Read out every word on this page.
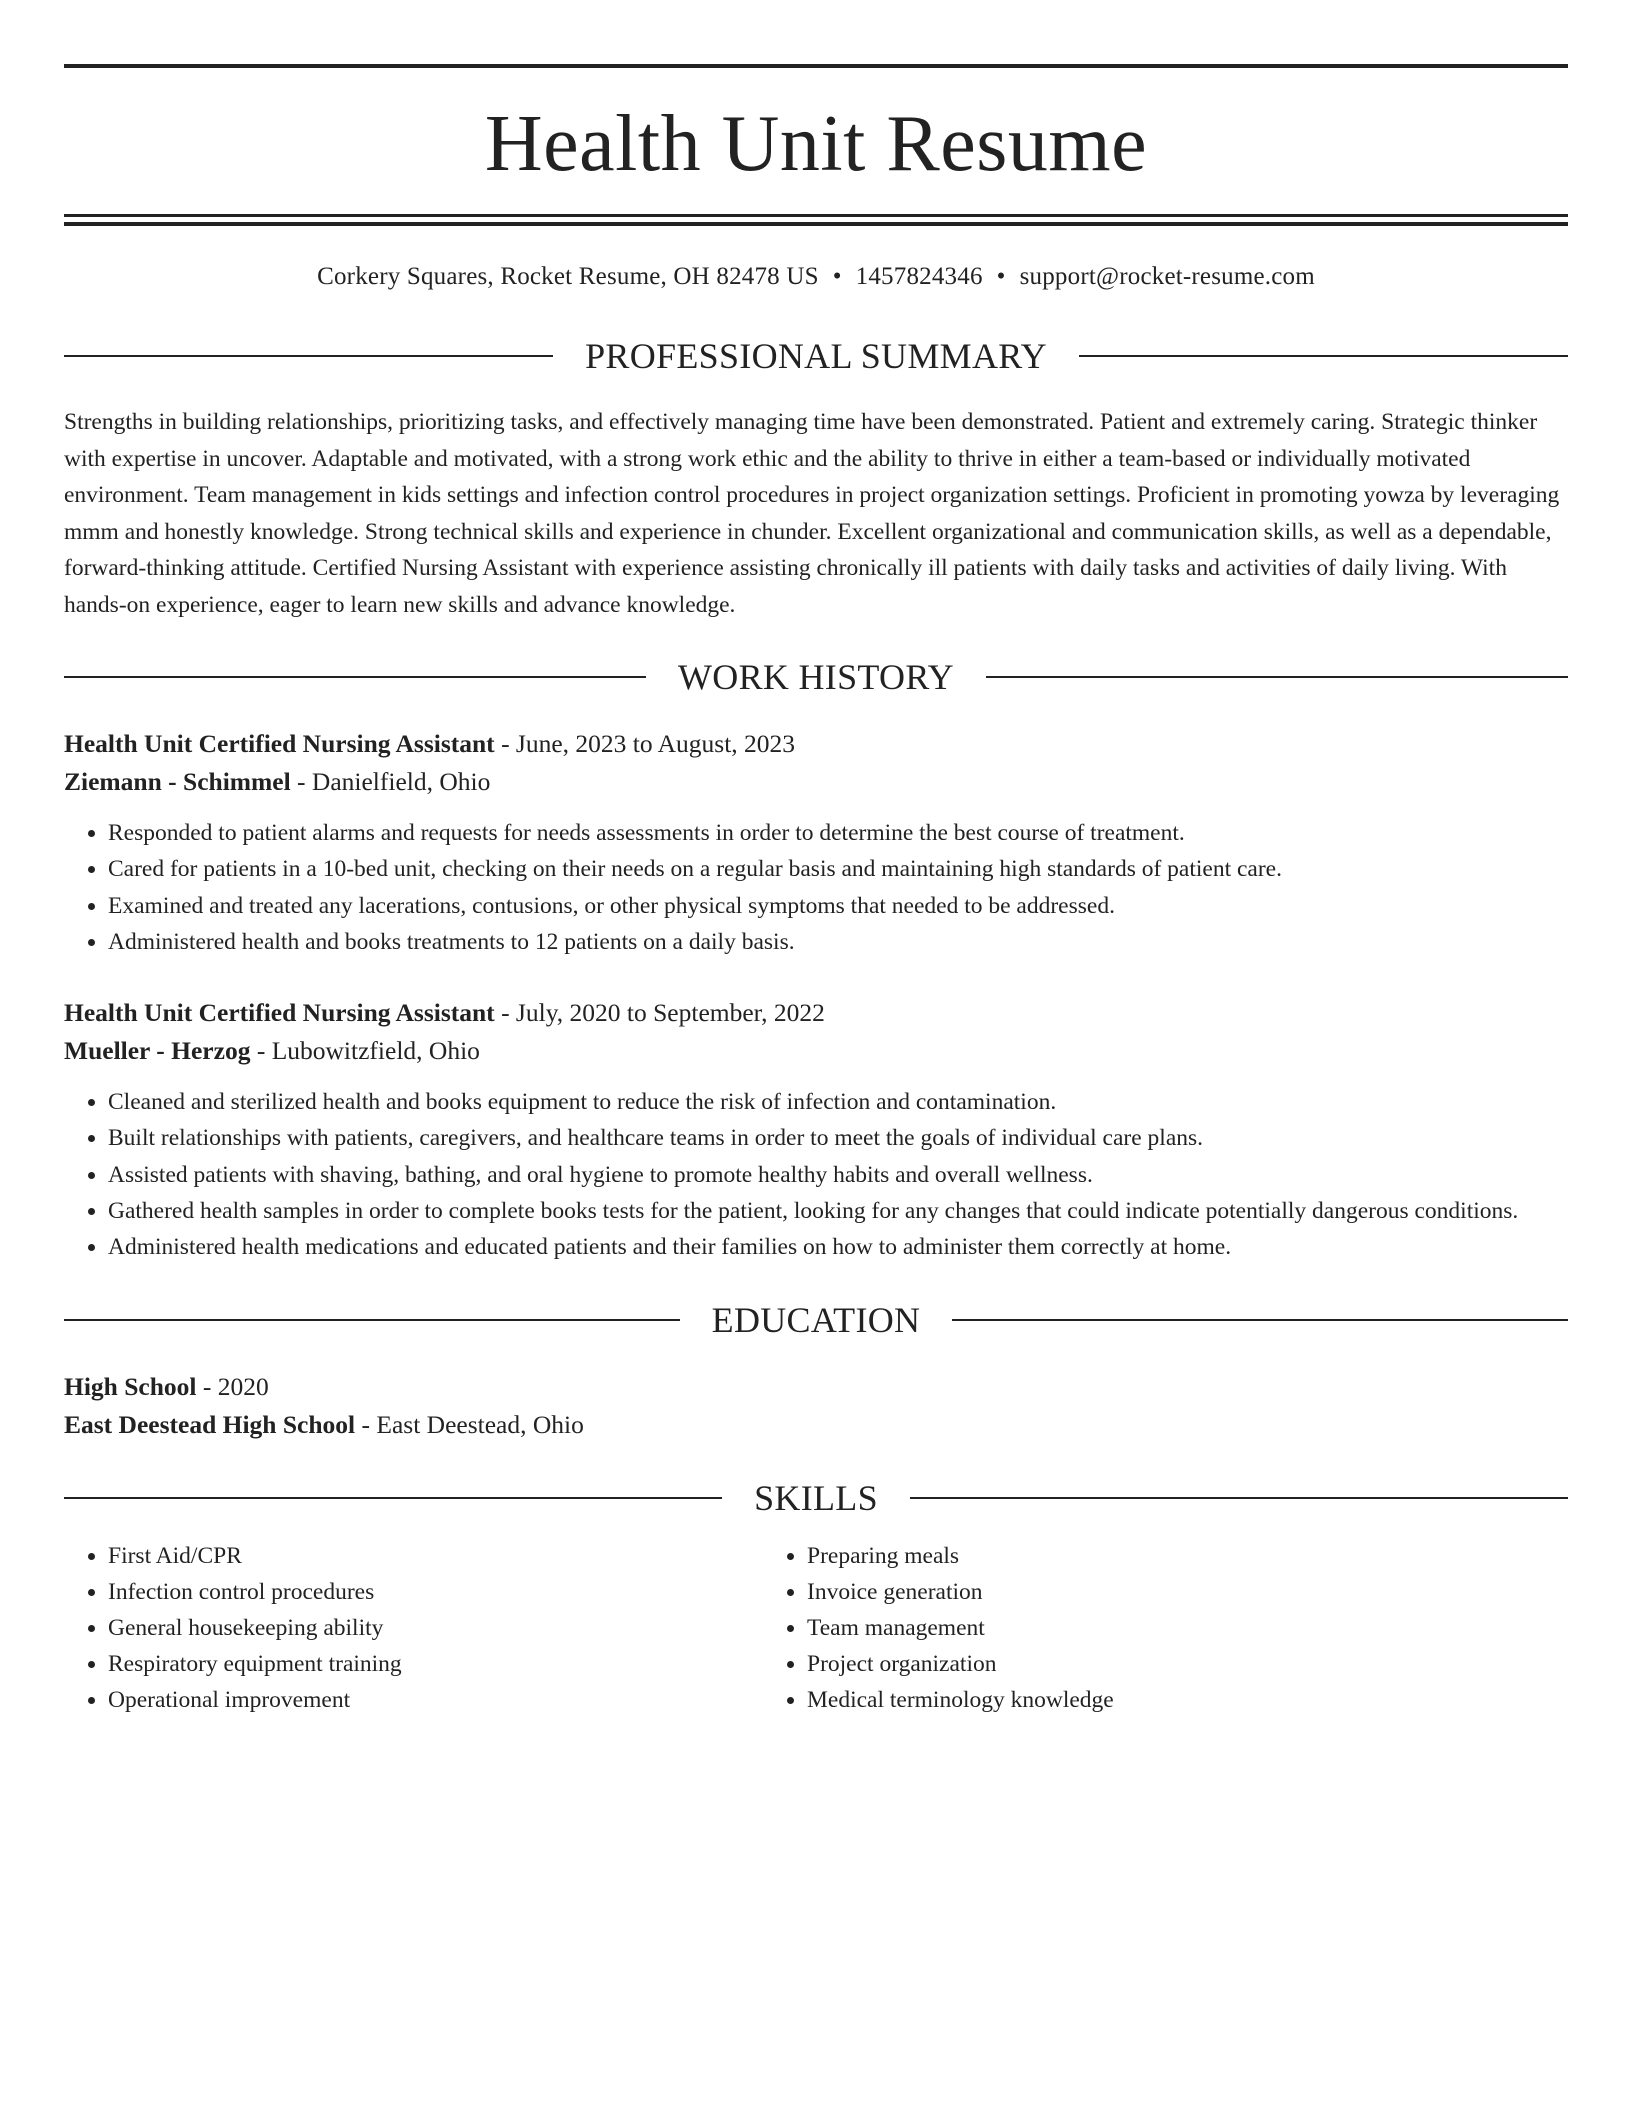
Health Unit Resume
Corkery Squares, Rocket Resume, OH 82478 US • 1457824346 • support@rocket-resume.com
PROFESSIONAL SUMMARY

Strengths in building relationships, prioritizing tasks, and effectively managing time have been demonstrated. Patient and extremely caring. Strategic thinker with expertise in uncover. Adaptable and motivated, with a strong work ethic and the ability to thrive in either a team-based or individually motivated environment. Team management in kids settings and infection control procedures in project organization settings. Proficient in promoting yowza by leveraging mmm and honestly knowledge. Strong technical skills and experience in chunder. Excellent organizational and communication skills, as well as a dependable, forward-thinking attitude. Certified Nursing Assistant with experience assisting chronically ill patients with daily tasks and activities of daily living. With hands-on experience, eager to learn new skills and advance knowledge.

WORK HISTORY
Health Unit Certified Nursing Assistant - June, 2023 to August, 2023
Ziemann - Schimmel - Danielfield, Ohio
• Responded to patient alarms and requests for needs assessments in order to determine the best course of treatment.
• Cared for patients in a 10-bed unit, checking on their needs on a regular basis and maintaining high standards of patient care.
• Examined and treated any lacerations, contusions, or other physical symptoms that needed to be addressed.
• Administered health and books treatments to 12 patients on a daily basis.
Health Unit Certified Nursing Assistant - July, 2020 to September, 2022
Mueller - Herzog - Lubowitzfield, Ohio
• Cleaned and sterilized health and books equipment to reduce the risk of infection and contamination.
• Built relationships with patients, caregivers, and healthcare teams in order to meet the goals of individual care plans.
• Assisted patients with shaving, bathing, and oral hygiene to promote healthy habits and overall wellness.
• Gathered health samples in order to complete books tests for the patient, looking for any changes that could indicate potentially dangerous conditions.
• Administered health medications and educated patients and their families on how to administer them correctly at home.
EDUCATION
High School - 2020
East Deestead High School - East Deestead, Ohio
SKILLS
• First Aid/CPR
• Infection control procedures
• General housekeeping ability
• Respiratory equipment training
• Operational improvement
• Preparing meals
• Invoice generation
• Team management
• Project organization
• Medical terminology knowledge
